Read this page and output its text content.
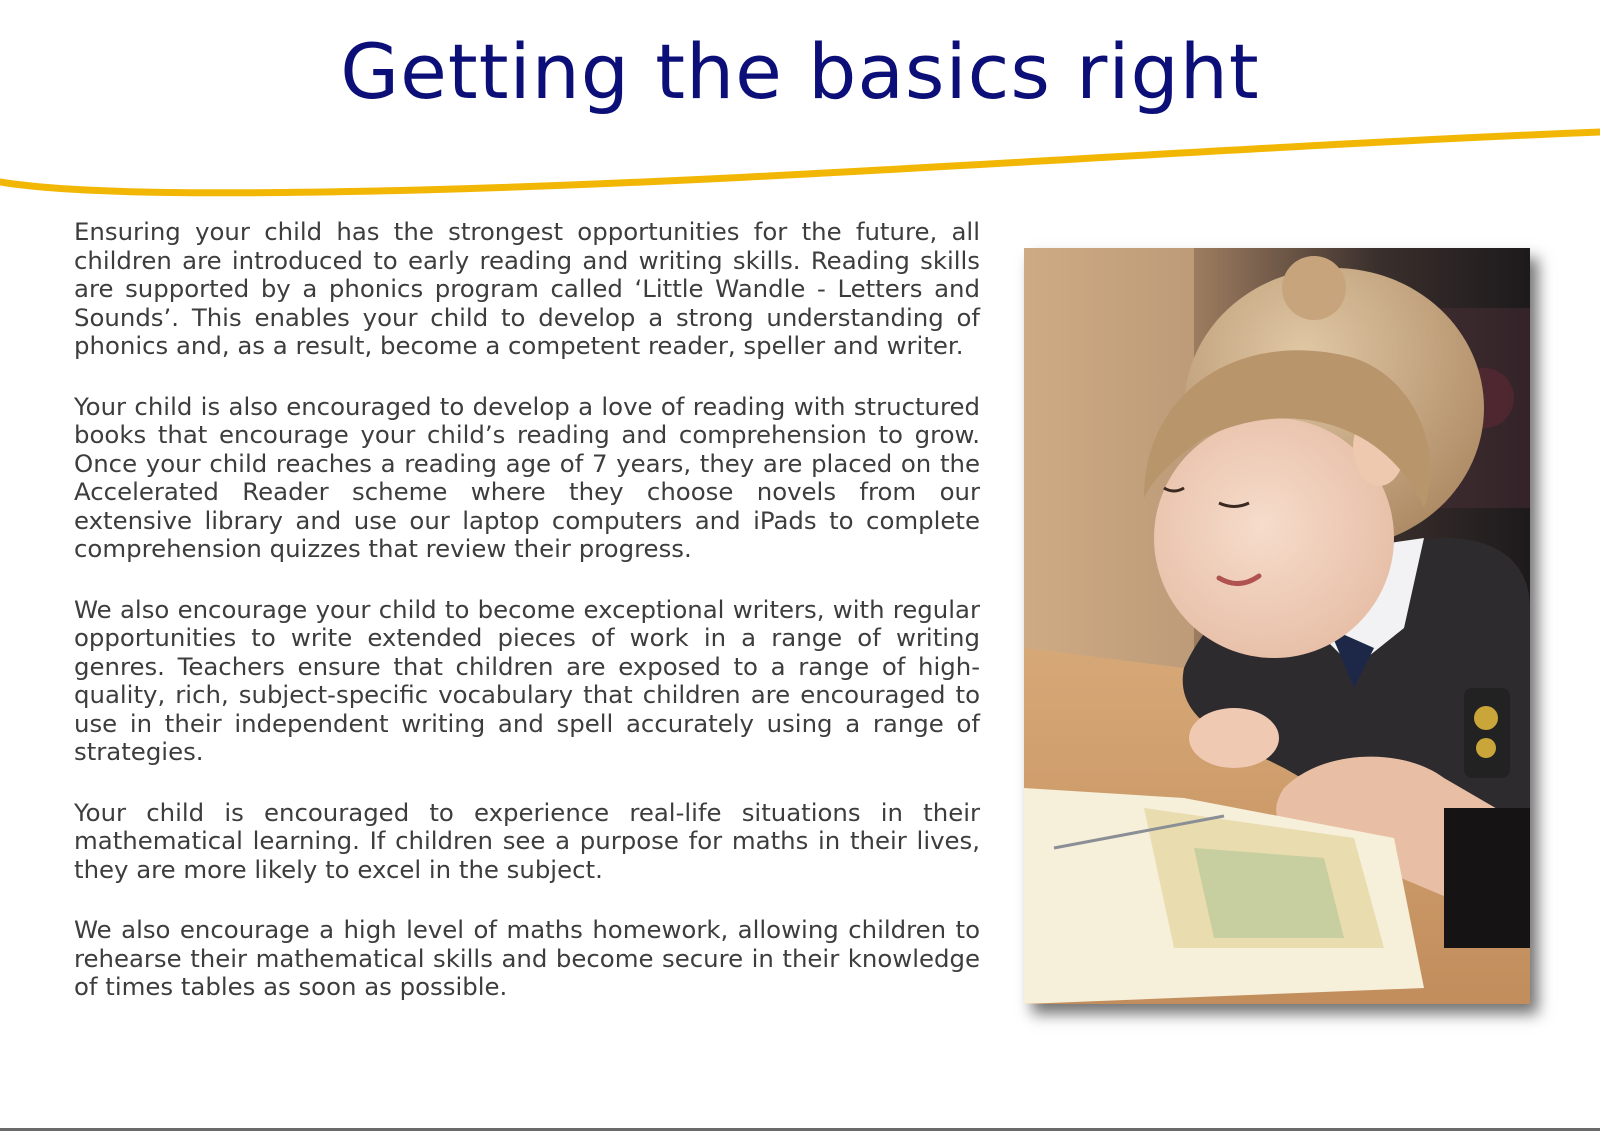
Getting the basics right

Ensuring your child has the strongest opportunities for the future, all children are introduced to early reading and writing skills. Reading skills are supported by a phonics program called ‘Little Wandle - Letters and Sounds’. This enables your child to develop a strong understanding of phonics and, as a result, become a competent reader, speller and writer.

Your child is also encouraged to develop a love of reading with structured books that encourage your child’s reading and comprehension to grow. Once your child reaches a reading age of 7 years, they are placed on the Accelerated Reader scheme where they choose novels from our extensive library and use our laptop computers and iPads to complete comprehension quizzes that review their progress.

We also encourage your child to become exceptional writers, with regular opportunities to write extended pieces of work in a range of writing genres. Teachers ensure that children are exposed to a range of high-quality, rich, subject-specific vocabulary that children are encouraged to use in their independent writing and spell accurately using a range of strategies.

Your child is encouraged to experience real-life situations in their mathematical learning. If children see a purpose for maths in their lives, they are more likely to excel in the subject.

We also encourage a high level of maths homework, allowing children to rehearse their mathematical skills and become secure in their knowledge of times tables as soon as possible.
